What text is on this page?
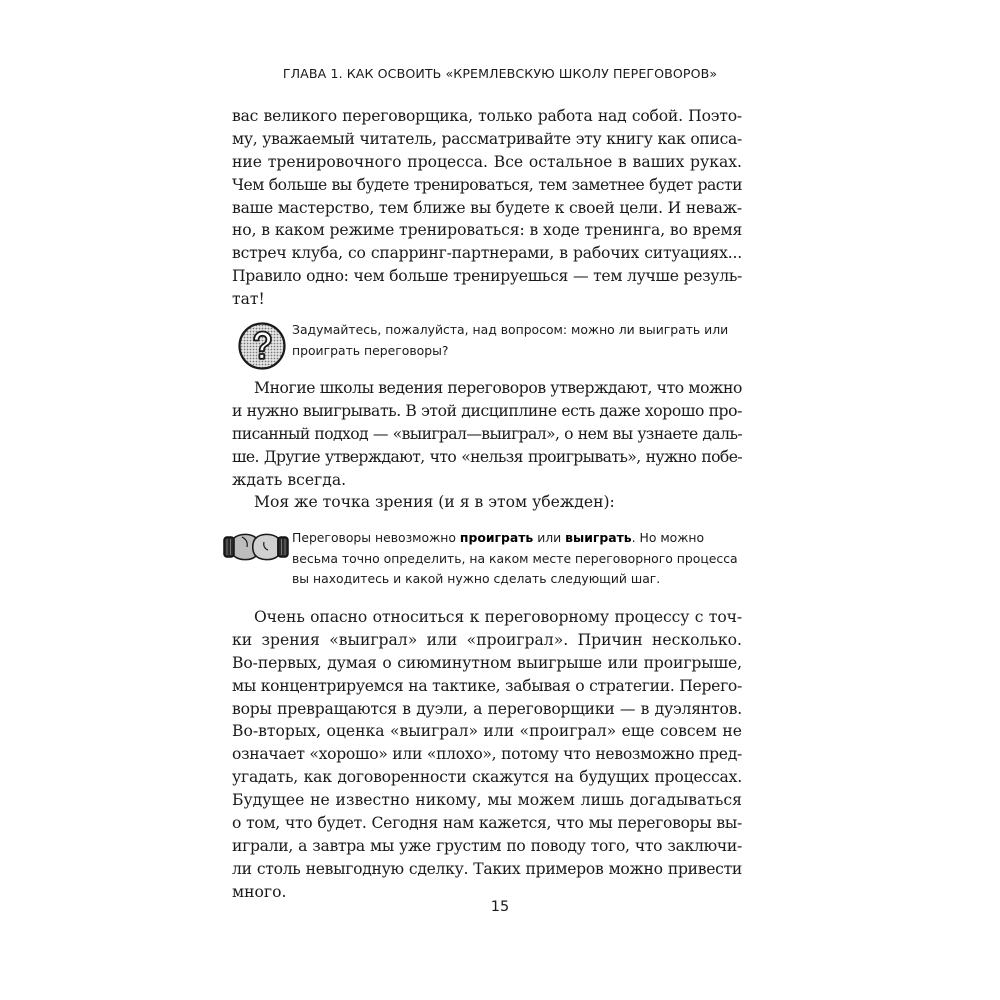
ГЛАВА 1. КАК ОСВОИТЬ «КРЕМЛЕВСКУЮ ШКОЛУ ПЕРЕГОВОРОВ»
вас великого переговорщика, только работа над собой. Поэто-
му, уважаемый читатель, рассматривайте эту книгу как описа-
ние тренировочного процесса. Все остальное в ваших руках.
Чем больше вы будете тренироваться, тем заметнее будет расти
ваше мастерство, тем ближе вы будете к своей цели. И неваж-
но, в каком режиме тренироваться: в ходе тренинга, во время
встреч клуба, со спарринг-партнерами, в рабочих ситуациях...
Правило одно: чем больше тренируешься — тем лучше резуль-
тат!
Задумайтесь, пожалуйста, над вопросом: можно ли выиграть или
проиграть переговоры?
Многие школы ведения переговоров утверждают, что можно
и нужно выигрывать. В этой дисциплине есть даже хорошо про-
писанный подход — «выиграл—выиграл», о нем вы узнаете даль-
ше. Другие утверждают, что «нельзя проигрывать», нужно побе-
ждать всегда.
Моя же точка зрения (и я в этом убежден):
Переговоры невозможно проиграть или выиграть. Но можно
весьма точно определить, на каком месте переговорного процесса
вы находитесь и какой нужно сделать следующий шаг.
Очень опасно относиться к переговорному процессу с точ-
ки зрения «выиграл» или «проиграл». Причин несколько.
Во-первых, думая о сиюминутном выигрыше или проигрыше,
мы концентрируемся на тактике, забывая о стратегии. Перего-
воры превращаются в дуэли, а переговорщики — в дуэлянтов.
Во-вторых, оценка «выиграл» или «проиграл» еще совсем не
означает «хорошо» или «плохо», потому что невозможно пред-
угадать, как договоренности скажутся на будущих процессах.
Будущее не известно никому, мы можем лишь догадываться
о том, что будет. Сегодня нам кажется, что мы переговоры вы-
играли, а завтра мы уже грустим по поводу того, что заключи-
ли столь невыгодную сделку. Таких примеров можно привести
много.
15
